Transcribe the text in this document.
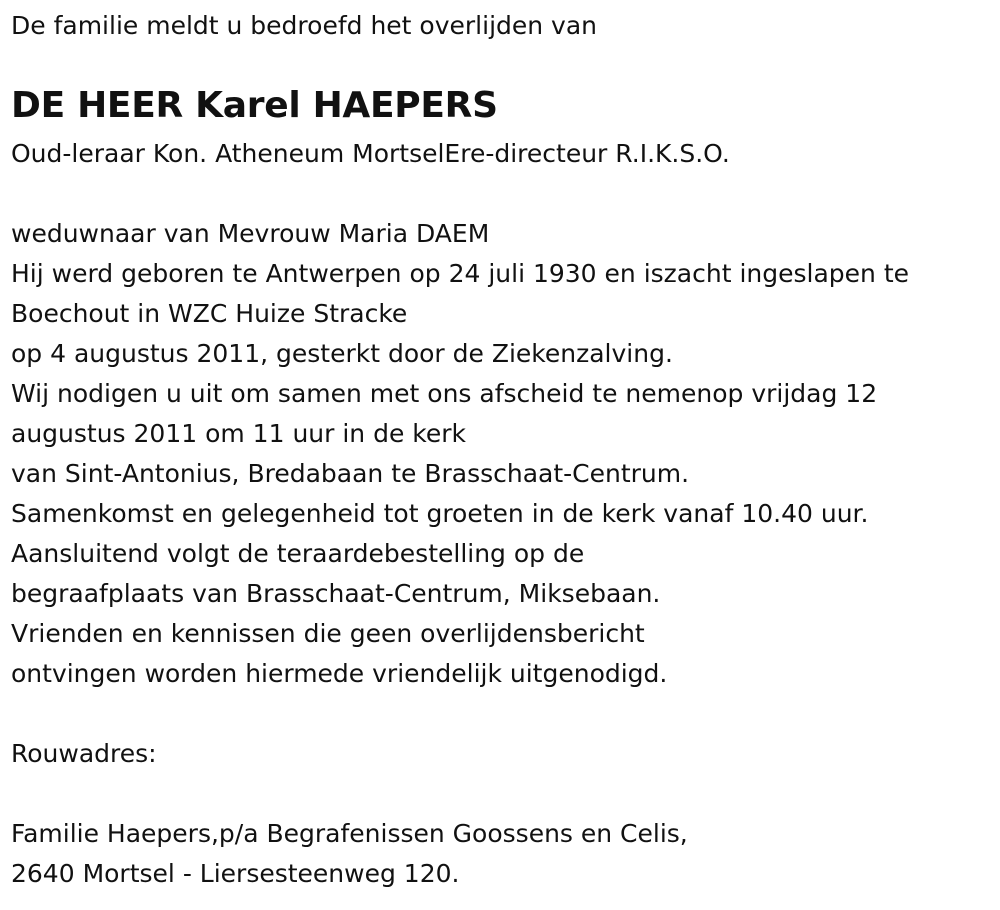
De familie meldt u bedroefd het overlijden van
DE HEER Karel HAEPERS
Oud-leraar Kon. Atheneum MortselEre-directeur R.I.K.S.O.
weduwnaar van Mevrouw Maria DAEM
Hij werd geboren te Antwerpen op 24 juli 1930 en iszacht ingeslapen te
Boechout in WZC Huize Stracke
op 4 augustus 2011, gesterkt door de Ziekenzalving.
Wij nodigen u uit om samen met ons afscheid te nemenop vrijdag 12
augustus 2011 om 11 uur in de kerk
van Sint-Antonius, Bredabaan te Brasschaat-Centrum.
Samenkomst en gelegenheid tot groeten in de kerk vanaf 10.40 uur.
Aansluitend volgt de teraardebestelling op de
begraafplaats van Brasschaat-Centrum, Miksebaan.
Vrienden en kennissen die geen overlijdensbericht
ontvingen worden hiermede vriendelijk uitgenodigd.
Rouwadres:
Familie Haepers,p/a Begrafenissen Goossens en Celis,
2640 Mortsel - Liersesteenweg 120.
